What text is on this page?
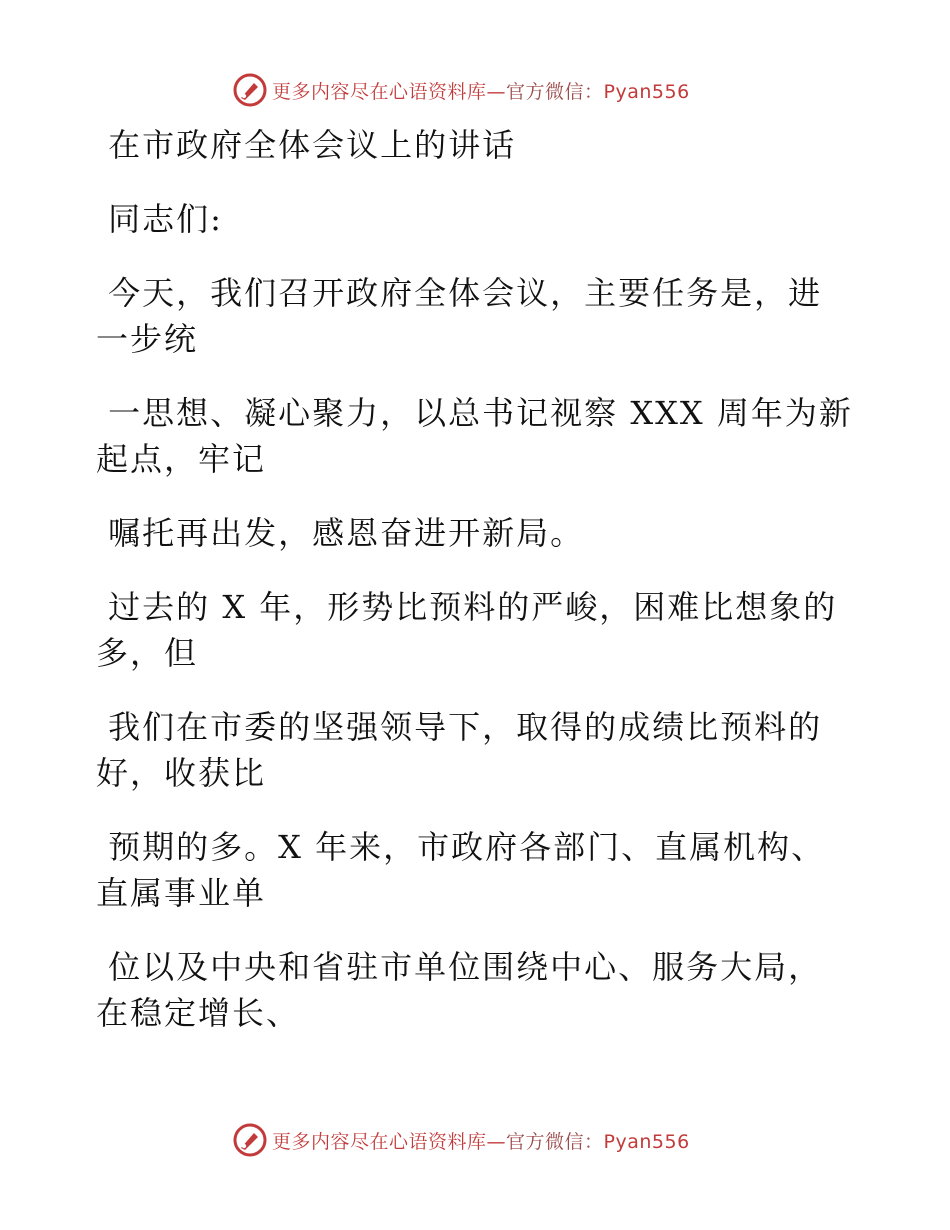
更多内容尽在心语资料库—官方微信：Pyan556

在市政府全体会议上的讲话

同志们:

今天，我们召开政府全体会议，主要任务是，进一步统

一思想、凝心聚力，以总书记视察 XXX 周年为新起点，牢记

嘱托再出发，感恩奋进开新局。

过去的 X 年，形势比预料的严峻，困难比想象的多，但

我们在市委的坚强领导下，取得的成绩比预料的好，收获比

预期的多。X 年来，市政府各部门、直属机构、直属事业单

位以及中央和省驻市单位围绕中心、服务大局，在稳定增长、

更多内容尽在心语资料库—官方微信：Pyan556
